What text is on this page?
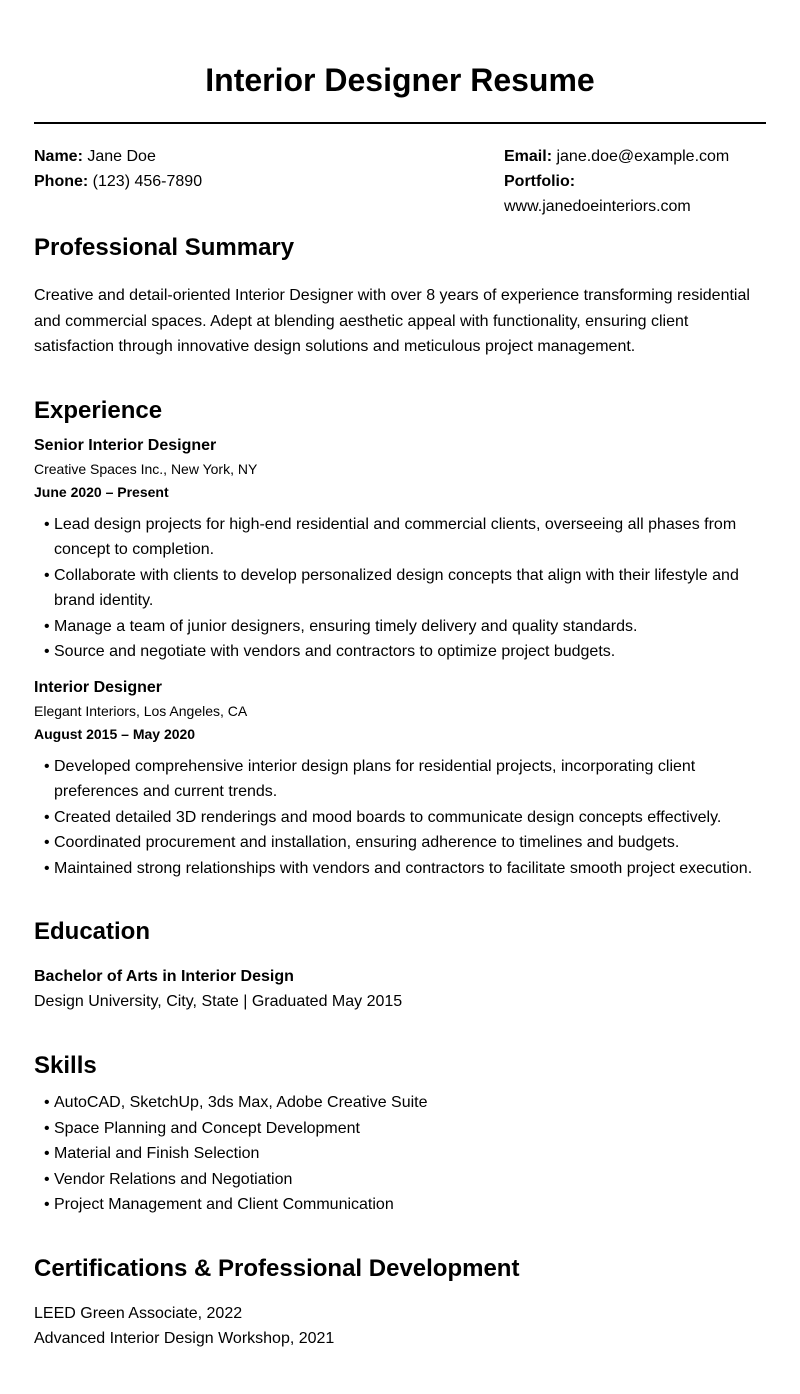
Interior Designer Resume
Name: Jane Doe
Phone: (123) 456-7890
Email: jane.doe@example.com
Portfolio: www.janedoeinteriors.com
Professional Summary

Creative and detail-oriented Interior Designer with over 8 years of experience transforming residential and commercial spaces. Adept at blending aesthetic appeal with functionality, ensuring client satisfaction through innovative design solutions and meticulous project management.

Experience
Senior Interior Designer
Creative Spaces Inc., New York, NY
June 2020 – Present
• Lead design projects for high-end residential and commercial clients, overseeing all phases from concept to completion.
• Collaborate with clients to develop personalized design concepts that align with their lifestyle and brand identity.
• Manage a team of junior designers, ensuring timely delivery and quality standards.
• Source and negotiate with vendors and contractors to optimize project budgets.
Interior Designer
Elegant Interiors, Los Angeles, CA
August 2015 – May 2020
• Developed comprehensive interior design plans for residential projects, incorporating client preferences and current trends.
• Created detailed 3D renderings and mood boards to communicate design concepts effectively.
• Coordinated procurement and installation, ensuring adherence to timelines and budgets.
• Maintained strong relationships with vendors and contractors to facilitate smooth project execution.
Education
Bachelor of Arts in Interior Design
Design University, City, State | Graduated May 2015
Skills
• AutoCAD, SketchUp, 3ds Max, Adobe Creative Suite
• Space Planning and Concept Development
• Material and Finish Selection
• Vendor Relations and Negotiation
• Project Management and Client Communication
Certifications & Professional Development
LEED Green Associate, 2022
Advanced Interior Design Workshop, 2021
